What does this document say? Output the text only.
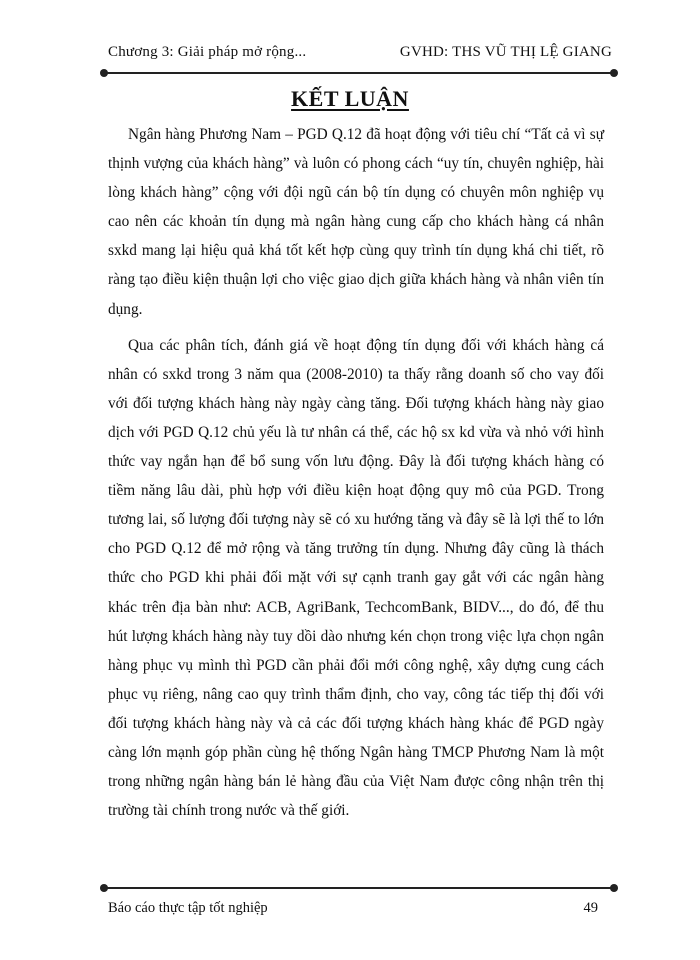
Chương 3: Giải pháp mở rộng...	GVHD: THS VŨ THỊ LỆ GIANG
KẾT LUẬN

Ngân hàng Phương Nam – PGD Q.12 đã hoạt động với tiêu chí “Tất cả vì sự thịnh vượng của khách hàng” và luôn có phong cách “uy tín, chuyên nghiệp, hài lòng khách hàng” cộng với đội ngũ cán bộ tín dụng có chuyên môn nghiệp vụ cao nên các khoản tín dụng mà ngân hàng cung cấp cho khách hàng cá nhân sxkd mang lại hiệu quả khá tốt kết hợp cùng quy trình tín dụng khá chi tiết, rõ ràng tạo điều kiện thuận lợi cho việc giao dịch giữa khách hàng và nhân viên tín dụng.

Qua các phân tích, đánh giá về hoạt động tín dụng đối với khách hàng cá nhân có sxkd trong 3 năm qua (2008-2010) ta thấy rằng doanh số cho vay đối với đối tượng khách hàng này ngày càng tăng. Đối tượng khách hàng này giao dịch với PGD Q.12 chủ yếu là tư nhân cá thể, các hộ sx kd vừa và nhỏ với hình thức vay ngắn hạn để bổ sung vốn lưu động. Đây là đối tượng khách hàng có tiềm năng lâu dài, phù hợp với điều kiện hoạt động quy mô của PGD. Trong tương lai, số lượng đối tượng này sẽ có xu hướng tăng và đây sẽ là lợi thế to lớn cho PGD Q.12 để mở rộng và tăng trưởng tín dụng. Nhưng đây cũng là thách thức cho PGD khi phải đối mặt với sự cạnh tranh gay gắt với các ngân hàng khác trên địa bàn như: ACB, AgriBank, TechcomBank, BIDV..., do đó, để thu hút lượng khách hàng này tuy dồi dào nhưng kén chọn trong việc lựa chọn ngân hàng phục vụ mình thì PGD cần phải đổi mới công nghệ, xây dựng cung cách phục vụ riêng, nâng cao quy trình thẩm định, cho vay, công tác tiếp thị đối với đối tượng khách hàng này và cả các đối tượng khách hàng khác để PGD ngày càng lớn mạnh góp phần cùng hệ thống Ngân hàng TMCP Phương Nam là một trong những ngân hàng bán lẻ hàng đầu của Việt Nam được công nhận trên thị trường tài chính trong nước và thế giới.

Báo cáo thực tập tốt nghiệp	49
